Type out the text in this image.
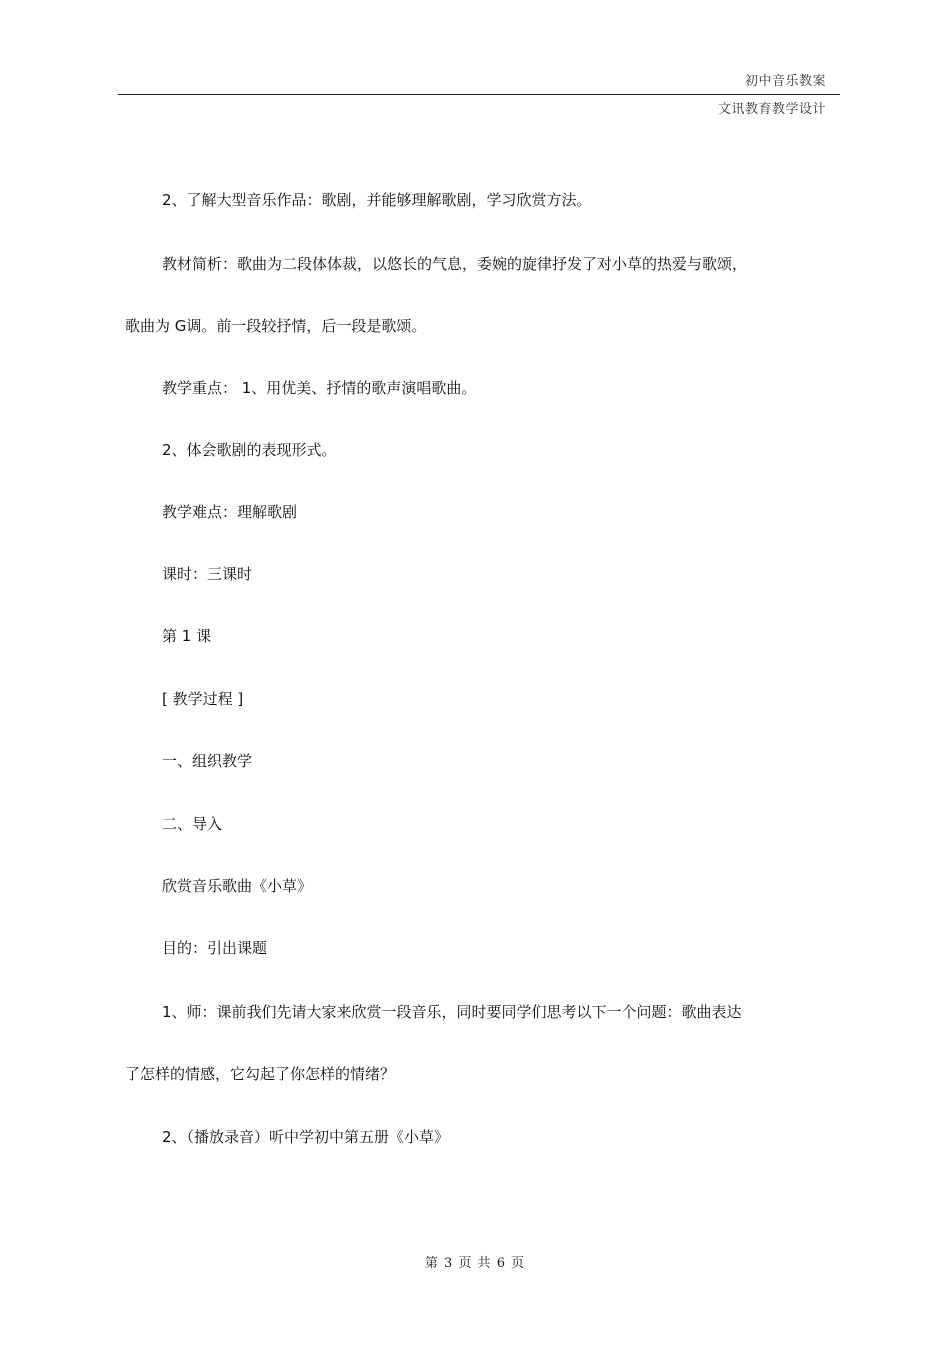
初中音乐教案
文讯教育教学设计
2、了解大型音乐作品：歌剧，并能够理解歌剧，学习欣赏方法。
教材简析：歌曲为二段体体裁，以悠长的气息，委婉的旋律抒发了对小草的热爱与歌颂，
歌曲为 G调。前一段较抒情，后一段是歌颂。
教学重点： 1、用优美、抒情的歌声演唱歌曲。
2、体会歌剧的表现形式。
教学难点：理解歌剧
课时：三课时
第 1 课
[ 教学过程 ]
一、组织教学
二、导入
欣赏音乐歌曲《小草》
目的：引出课题
1、师：课前我们先请大家来欣赏一段音乐，同时要同学们思考以下一个问题：歌曲表达
了怎样的情感，它勾起了你怎样的情绪？
2、（播放录音）听中学初中第五册《小草》
第 3 页 共 6 页
